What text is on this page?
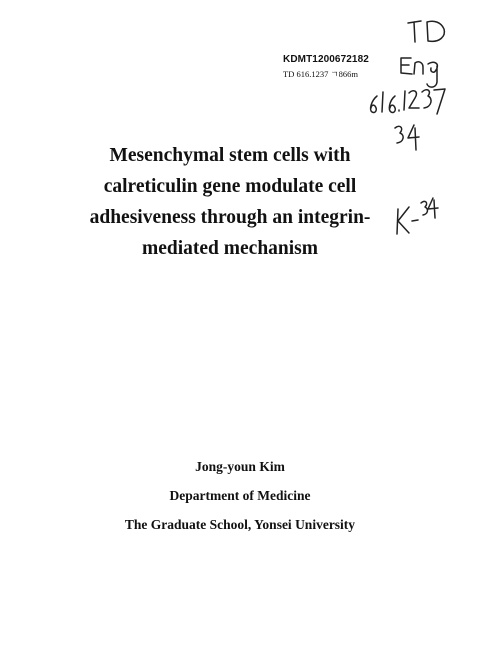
KDMT1200672182
TD 616.1237 ㄱ866m
Mesenchymal stem cells with
calreticulin gene modulate cell
adhesiveness through an integrin-
mediated mechanism
Jong-youn Kim
Department of Medicine
The Graduate School, Yonsei University
